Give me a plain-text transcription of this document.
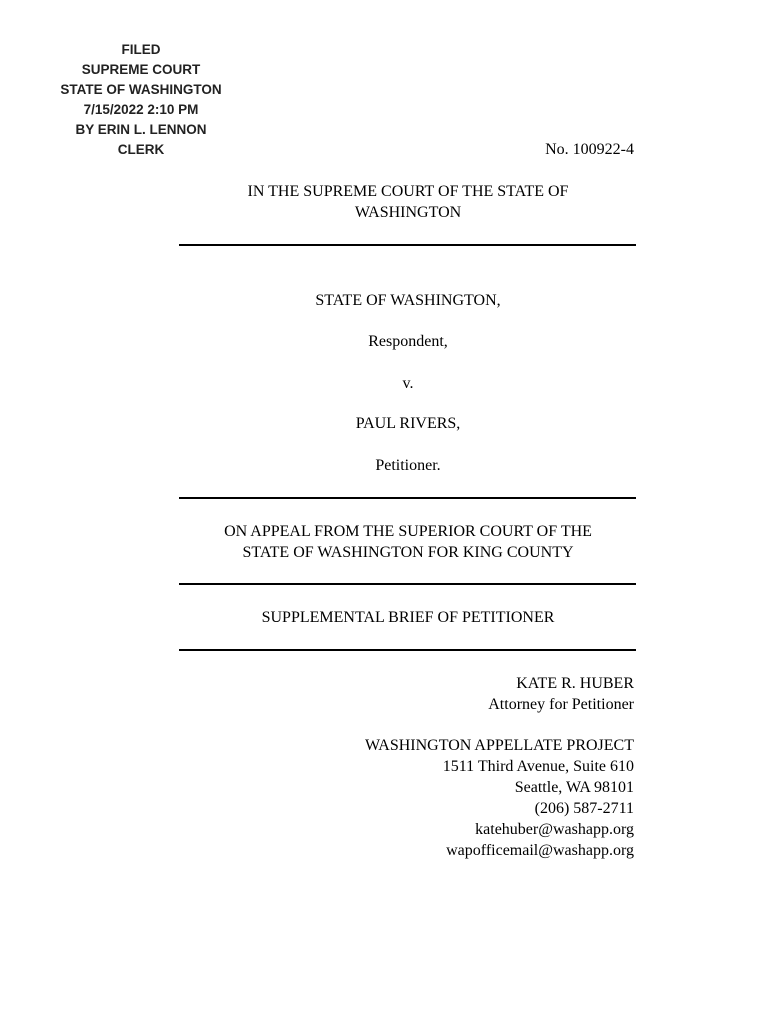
FILED
SUPREME COURT
STATE OF WASHINGTON
7/15/2022 2:10 PM
BY ERIN L. LENNON
CLERK	No. 100922-4
IN THE SUPREME COURT OF THE STATE OF
WASHINGTON
STATE OF WASHINGTON,
Respondent,
v.
PAUL RIVERS,
Petitioner.
ON APPEAL FROM THE SUPERIOR COURT OF THE
STATE OF WASHINGTON FOR KING COUNTY
SUPPLEMENTAL BRIEF OF PETITIONER
KATE R. HUBER
Attorney for Petitioner
WASHINGTON APPELLATE PROJECT
1511 Third Avenue, Suite 610
Seattle, WA 98101
(206) 587-2711
katehuber@washapp.org
wapofficemail@washapp.org
